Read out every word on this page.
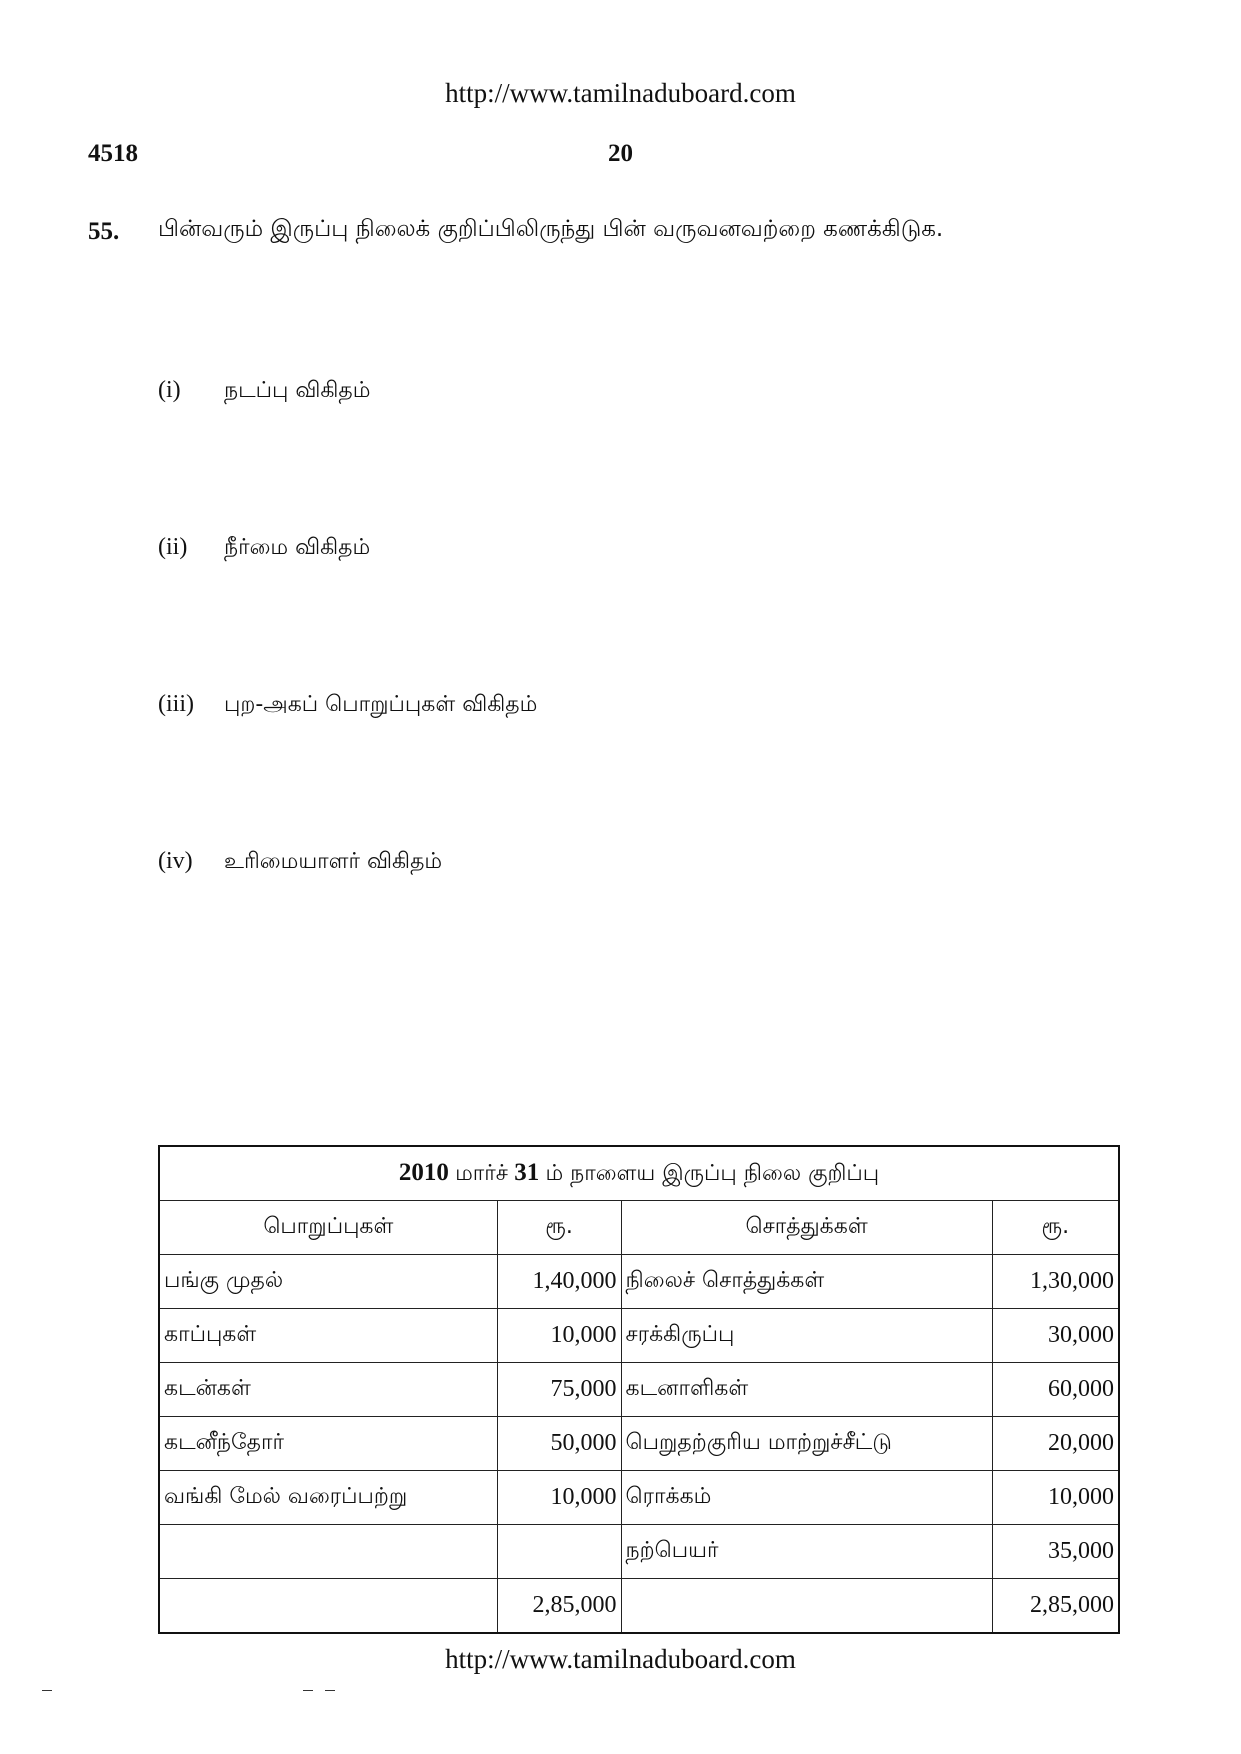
http://www.tamilnaduboard.com
4518	20
55. பின்வரும் இருப்பு நிலைக் குறிப்பிலிருந்து பின் வருவனவற்றை கணக்கிடுக.
(i) நடப்பு விகிதம்
(ii) நீர்மை விகிதம்
(iii) புற-அகப் பொறுப்புகள் விகிதம்
(iv) உரிமையாளர் விகிதம்
2010 மார்ச் 31 ம் நாளைய இருப்பு நிலை குறிப்பு			
பொறுப்புகள்	ரூ.	சொத்துக்கள்	ரூ.
பங்கு முதல்	1,40,000	நிலைச் சொத்துக்கள்	1,30,000
காப்புகள்	10,000	சரக்கிருப்பு	30,000
கடன்கள்	75,000	கடனாளிகள்	60,000
கடனீந்தோர்	50,000	பெறுதற்குரிய மாற்றுச்சீட்டு	20,000
வங்கி மேல் வரைப்பற்று	10,000	ரொக்கம்	10,000
		நற்பெயர்	35,000
	2,85,000		2,85,000
http://www.tamilnaduboard.com
